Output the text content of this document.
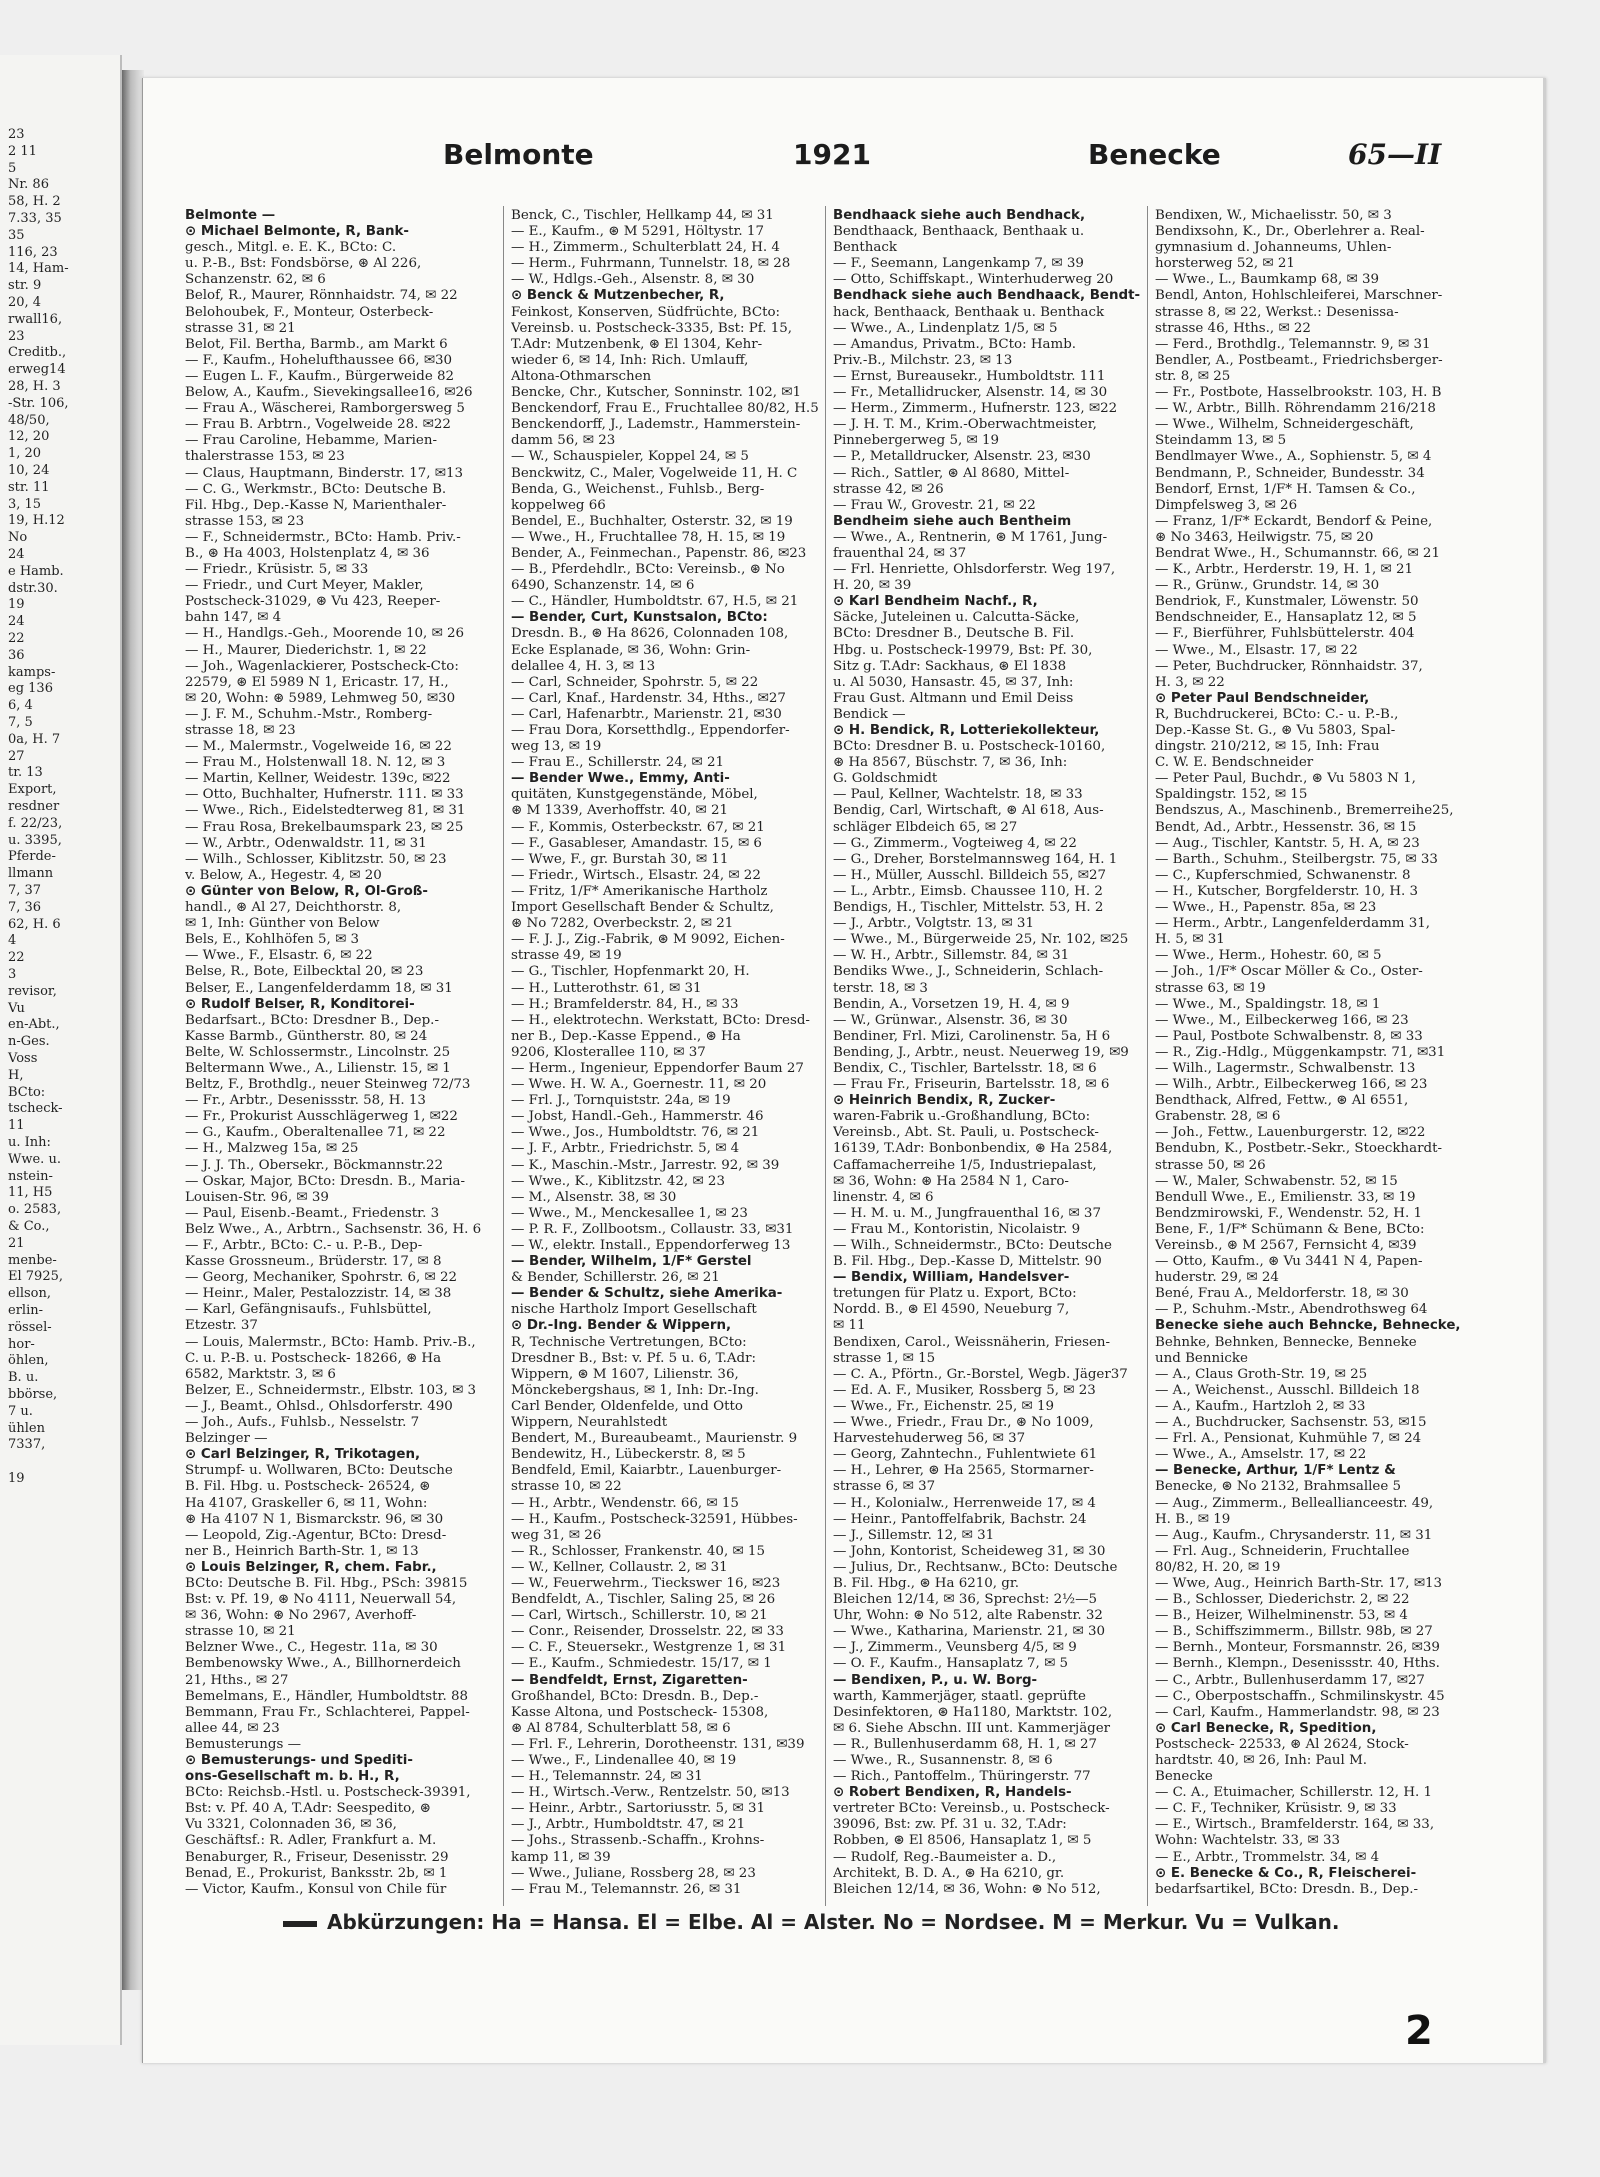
23
2 11
5
Nr. 86
58, H. 2
7.33, 35
35
116, 23
14, Ham-
str. 9
20, 4
rwall16,
23
Creditb.,
erweg14
28, H. 3
-Str. 106,
48/50,
12, 20
1, 20
10, 24
str. 11
3, 15
19, H.12
No
24
e Hamb.
dstr.30.
19
24
22
36
kamps-
eg 136
6, 4
7, 5
0a, H. 7
27
tr. 13
Export,
resdner
f. 22/23,
u. 3395,
Pferde-
llmann
7, 37
7, 36
62, H. 6
4
22
3
revisor,
Vu
en-Abt.,
n-Ges.
Voss
H,
BCto:
tscheck-
11
u. Inh:
Wwe. u.
nstein-
11, H5
o. 2583,
& Co.,
21
menbe-
El 7925,
ellson,
erlin-
rössel-
hor-
öhlen,
B. u.
bbörse,
7 u.
ühlen
7337,
19
Belmonte	1921	Benecke	65—II
Belmonte —
⊙ Michael Belmonte, R, Bank-
gesch., Mitgl. e. E. K., BCto: C.
u. P.-B., Bst: Fondsbörse, ⊛ Al 226,
Schanzenstr. 62, ✉ 6
Belof, R., Maurer, Rönnhaidstr. 74, ✉ 22
Belohoubek, F., Monteur, Osterbeck-
strasse 31, ✉ 21
Belot, Fil. Bertha, Barmb., am Markt 6
— F., Kaufm., Hohelufthaussee 66, ✉30
— Eugen L. F., Kaufm., Bürgerweide 82
Below, A., Kaufm., Sievekingsallee16, ✉26
— Frau A., Wäscherei, Ramborgersweg 5
— Frau B. Arbtrn., Vogelweide 28. ✉22
— Frau Caroline, Hebamme, Marien-
thalerstrasse 153, ✉ 23
— Claus, Hauptmann, Binderstr. 17, ✉13
— C. G., Werkmstr., BCto: Deutsche B.
Fil. Hbg., Dep.-Kasse N, Marienthaler-
strasse 153, ✉ 23
— F., Schneidermstr., BCto: Hamb. Priv.-
B., ⊛ Ha 4003, Holstenplatz 4, ✉ 36
— Friedr., Krüsistr. 5, ✉ 33
— Friedr., und Curt Meyer, Makler,
Postscheck-31029, ⊛ Vu 423, Reeper-
bahn 147, ✉ 4
— H., Handlgs.-Geh., Moorende 10, ✉ 26
— H., Maurer, Diederichstr. 1, ✉ 22
— Joh., Wagenlackierer, Postscheck-Cto:
22579, ⊛ El 5989 N 1, Ericastr. 17, H.,
✉ 20, Wohn: ⊛ 5989, Lehmweg 50, ✉30
— J. F. M., Schuhm.-Mstr., Romberg-
strasse 18, ✉ 23
— M., Malermstr., Vogelweide 16, ✉ 22
— Frau M., Holstenwall 18. N. 12, ✉ 3
— Martin, Kellner, Weidestr. 139c, ✉22
— Otto, Buchhalter, Hufnerstr. 111. ✉ 33
— Wwe., Rich., Eidelstedterweg 81, ✉ 31
— Frau Rosa, Brekelbaumspark 23, ✉ 25
— W., Arbtr., Odenwaldstr. 11, ✉ 31
— Wilh., Schlosser, Kiblitzstr. 50, ✉ 23
v. Below, A., Hegestr. 4, ✉ 20
⊙ Günter von Below, R, Öl-Groß-
handl., ⊛ Al 27, Deichthorstr. 8,
✉ 1, Inh: Günther von Below
Bels, E., Kohlhöfen 5, ✉ 3
— Wwe., F., Elsastr. 6, ✉ 22
Belse, R., Bote, Eilbecktal 20, ✉ 23
Belser, E., Langenfelderdamm 18, ✉ 31
⊙ Rudolf Belser, R, Konditorei-
Bedarfsart., BCto: Dresdner B., Dep.-
Kasse Barmb., Güntherstr. 80, ✉ 24
Belte, W. Schlossermstr., Lincolnstr. 25
Beltermann Wwe., A., Lilienstr. 15, ✉ 1
Beltz, F., Brothdlg., neuer Steinweg 72/73
— Fr., Arbtr., Desenissstr. 58, H. 13
— Fr., Prokurist Ausschlägerweg 1, ✉22
— G., Kaufm., Oberaltenallee 71, ✉ 22
— H., Malzweg 15a, ✉ 25
— J. J. Th., Obersekr., Böckmannstr.22
— Oskar, Major, BCto: Dresdn. B., Maria-
Louisen-Str. 96, ✉ 39
— Paul, Eisenb.-Beamt., Friedenstr. 3
Belz Wwe., A., Arbtrn., Sachsenstr. 36, H. 6
— F., Arbtr., BCto: C.- u. P.-B., Dep-
Kasse Grossneum., Brüderstr. 17, ✉ 8
— Georg, Mechaniker, Spohrstr. 6, ✉ 22
— Heinr., Maler, Pestalozzistr. 14, ✉ 38
— Karl, Gefängnisaufs., Fuhlsbüttel,
Etzestr. 37
— Louis, Malermstr., BCto: Hamb. Priv.-B.,
C. u. P.-B. u. Postscheck- 18266, ⊛ Ha
6582, Marktstr. 3, ✉ 6
Belzer, E., Schneidermstr., Elbstr. 103, ✉ 3
— J., Beamt., Ohlsd., Ohlsdorferstr. 490
— Joh., Aufs., Fuhlsb., Nesselstr. 7
Belzinger —
⊙ Carl Belzinger, R, Trikotagen,
Strumpf- u. Wollwaren, BCto: Deutsche
B. Fil. Hbg. u. Postscheck- 26524, ⊛
Ha 4107, Graskeller 6, ✉ 11, Wohn:
⊛ Ha 4107 N 1, Bismarckstr. 96, ✉ 30
— Leopold, Zig.-Agentur, BCto: Dresd-
ner B., Heinrich Barth-Str. 1, ✉ 13
⊙ Louis Belzinger, R, chem. Fabr.,
BCto: Deutsche B. Fil. Hbg., PSch: 39815
Bst: v. Pf. 19, ⊛ No 4111, Neuerwall 54,
✉ 36, Wohn: ⊛ No 2967, Averhoff-
strasse 10, ✉ 21
Belzner Wwe., C., Hegestr. 11a, ✉ 30
Bembenowsky Wwe., A., Billhornerdeich
21, Hths., ✉ 27
Bemelmans, E., Händler, Humboldtstr. 88
Bemmann, Frau Fr., Schlachterei, Pappel-
allee 44, ✉ 23
Bemusterungs —
⊙ Bemusterungs- und Spediti-
ons-Gesellschaft m. b. H., R,
BCto: Reichsb.-Hstl. u. Postscheck-39391,
Bst: v. Pf. 40 A, T.Adr: Seespedito, ⊛
Vu 3321, Colonnaden 36, ✉ 36,
Geschäftsf.: R. Adler, Frankfurt a. M.
Benaburger, R., Friseur, Desenisstr. 29
Benad, E., Prokurist, Banksstr. 2b, ✉ 1
— Victor, Kaufm., Konsul von Chile für
Benck, C., Tischler, Hellkamp 44, ✉ 31
— E., Kaufm., ⊛ M 5291, Höltystr. 17
— H., Zimmerm., Schulterblatt 24, H. 4
— Herm., Fuhrmann, Tunnelstr. 18, ✉ 28
— W., Hdlgs.-Geh., Alsenstr. 8, ✉ 30
⊙ Benck & Mutzenbecher, R,
Feinkost, Konserven, Südfrüchte, BCto:
Vereinsb. u. Postscheck-3335, Bst: Pf. 15,
T.Adr: Mutzenbenk, ⊛ El 1304, Kehr-
wieder 6, ✉ 14, Inh: Rich. Umlauff,
Altona-Othmarschen
Bencke, Chr., Kutscher, Sonninstr. 102, ✉1
Benckendorf, Frau E., Fruchtallee 80/82, H.5
Benckendorff, J., Lademstr., Hammerstein-
damm 56, ✉ 23
— W., Schauspieler, Koppel 24, ✉ 5
Benckwitz, C., Maler, Vogelweide 11, H. C
Benda, G., Weichenst., Fuhlsb., Berg-
koppelweg 66
Bendel, E., Buchhalter, Osterstr. 32, ✉ 19
— Wwe., H., Fruchtallee 78, H. 15, ✉ 19
Bender, A., Feinmechan., Papenstr. 86, ✉23
— B., Pferdehdlr., BCto: Vereinsb., ⊛ No
6490, Schanzenstr. 14, ✉ 6
— C., Händler, Humboldtstr. 67, H.5, ✉ 21
— Bender, Curt, Kunstsalon, BCto:
Dresdn. B., ⊛ Ha 8626, Colonnaden 108,
Ecke Esplanade, ✉ 36, Wohn: Grin-
delallee 4, H. 3, ✉ 13
— Carl, Schneider, Spohrstr. 5, ✉ 22
— Carl, Knaf., Hardenstr. 34, Hths., ✉27
— Carl, Hafenarbtr., Marienstr. 21, ✉30
— Frau Dora, Korsetthdlg., Eppendorfer-
weg 13, ✉ 19
— Frau E., Schillerstr. 24, ✉ 21
— Bender Wwe., Emmy, Anti-
quitäten, Kunstgegenstände, Möbel,
⊛ M 1339, Averhoffstr. 40, ✉ 21
— F., Kommis, Osterbeckstr. 67, ✉ 21
— F., Gasableser, Amandastr. 15, ✉ 6
— Wwe, F., gr. Burstah 30, ✉ 11
— Friedr., Wirtsch., Elsastr. 24, ✉ 22
— Fritz, 1/F* Amerikanische Hartholz
Import Gesellschaft Bender & Schultz,
⊛ No 7282, Overbeckstr. 2, ✉ 21
— F. J. J., Zig.-Fabrik, ⊛ M 9092, Eichen-
strasse 49, ✉ 19
— G., Tischler, Hopfenmarkt 20, H.
— H., Lutterothstr. 61, ✉ 31
— H.; Bramfelderstr. 84, H., ✉ 33
— H., elektrotechn. Werkstatt, BCto: Dresd-
ner B., Dep.-Kasse Eppend., ⊛ Ha
9206, Klosterallee 110, ✉ 37
— Herm., Ingenieur, Eppendorfer Baum 27
— Wwe. H. W. A., Goernestr. 11, ✉ 20
— Frl. J., Tornquiststr. 24a, ✉ 19
— Jobst, Handl.-Geh., Hammerstr. 46
— Wwe., Jos., Humboldtstr. 76, ✉ 21
— J. F., Arbtr., Friedrichstr. 5, ✉ 4
— K., Maschin.-Mstr., Jarrestr. 92, ✉ 39
— Wwe., K., Kiblitzstr. 42, ✉ 23
— M., Alsenstr. 38, ✉ 30
— Wwe., M., Menckesallee 1, ✉ 23
— P. R. F., Zollbootsm., Collaustr. 33, ✉31
— W., elektr. Install., Eppendorferweg 13
— Bender, Wilhelm, 1/F* Gerstel
& Bender, Schillerstr. 26, ✉ 21
— Bender & Schultz, siehe Amerika-
nische Hartholz Import Gesellschaft
⊙ Dr.-Ing. Bender & Wippern,
R, Technische Vertretungen, BCto:
Dresdner B., Bst: v. Pf. 5 u. 6, T.Adr:
Wippern, ⊛ M 1607, Lilienstr. 36,
Mönckebergshaus, ✉ 1, Inh: Dr.-Ing.
Carl Bender, Oldenfelde, und Otto
Wippern, Neurahlstedt
Bendert, M., Bureaubeamt., Maurienstr. 9
Bendewitz, H., Lübeckerstr. 8, ✉ 5
Bendfeld, Emil, Kaiarbtr., Lauenburger-
strasse 10, ✉ 22
— H., Arbtr., Wendenstr. 66, ✉ 15
— H., Kaufm., Postscheck-32591, Hübbes-
weg 31, ✉ 26
— R., Schlosser, Frankenstr. 40, ✉ 15
— W., Kellner, Collaustr. 2, ✉ 31
— W., Feuerwehrm., Tieckswег 16, ✉23
Bendfeldt, A., Tischler, Saling 25, ✉ 26
— Carl, Wirtsch., Schillerstr. 10, ✉ 21
— Conr., Reisender, Drosselstr. 22, ✉ 33
— C. F., Steuersekr., Westgrenze 1, ✉ 31
— E., Kaufm., Schmiedestr. 15/17, ✉ 1
— Bendfeldt, Ernst, Zigaretten-
Großhandel, BCto: Dresdn. B., Dep.-
Kasse Altona, und Postscheck- 15308,
⊛ Al 8784, Schulterblatt 58, ✉ 6
— Frl. F., Lehrerin, Dorotheenstr. 131, ✉39
— Wwe., F., Lindenallee 40, ✉ 19
— H., Telemannstr. 24, ✉ 31
— H., Wirtsch.-Verw., Rentzelstr. 50, ✉13
— Heinr., Arbtr., Sartoriusstr. 5, ✉ 31
— J., Arbtr., Humboldtstr. 47, ✉ 21
— Johs., Strassenb.-Schaffn., Krohns-
kamp 11, ✉ 39
— Wwe., Juliane, Rossberg 28, ✉ 23
— Frau M., Telemannstr. 26, ✉ 31
Bendhaack siehe auch Bendhack,
Bendthaack, Benthaack, Benthaak u.
Benthack
— F., Seemann, Langenkamp 7, ✉ 39
— Otto, Schiffskapt., Winterhuderweg 20
Bendhack siehe auch Bendhaack, Bendt-
hack, Benthaack, Benthaak u. Benthack
— Wwe., A., Lindenplatz 1/5, ✉ 5
— Amandus, Privatm., BCto: Hamb.
Priv.-B., Milchstr. 23, ✉ 13
— Ernst, Bureausekr., Humboldtstr. 111
— Fr., Metallidrucker, Alsenstr. 14, ✉ 30
— Herm., Zimmerm., Hufnerstr. 123, ✉22
— J. H. T. M., Krim.-Oberwachtmeister,
Pinnebergerweg 5, ✉ 19
— P., Metalldrucker, Alsenstr. 23, ✉30
— Rich., Sattler, ⊛ Al 8680, Mittel-
strasse 42, ✉ 26
— Frau W., Grovestr. 21, ✉ 22
Bendheim siehe auch Bentheim
— Wwe., A., Rentnerin, ⊛ M 1761, Jung-
frauenthal 24, ✉ 37
— Frl. Henriette, Ohlsdorferstr. Weg 197,
H. 20, ✉ 39
⊙ Karl Bendheim Nachf., R,
Säcke, Juteleinen u. Calcutta-Säcke,
BCto: Dresdner B., Deutsche B. Fil.
Hbg. u. Postscheck-19979, Bst: Pf. 30,
Sitz g. T.Adr: Sackhaus, ⊛ El 1838
u. Al 5030, Hansastr. 45, ✉ 37, Inh:
Frau Gust. Altmann und Emil Deiss
Bendick —
⊙ H. Bendick, R, Lotteriekollekteur,
BCto: Dresdner B. u. Postscheck-10160,
⊛ Ha 8567, Büschstr. 7, ✉ 36, Inh:
G. Goldschmidt
— Paul, Kellner, Wachtelstr. 18, ✉ 33
Bendig, Carl, Wirtschaft, ⊛ Al 618, Aus-
schläger Elbdeich 65, ✉ 27
— G., Zimmerm., Vogteiweg 4, ✉ 22
— G., Dreher, Borstelmannsweg 164, H. 1
— H., Müller, Ausschl. Billdeich 55, ✉27
— L., Arbtr., Eimsb. Chaussee 110, H. 2
Bendigs, H., Tischler, Mittelstr. 53, H. 2
— J., Arbtr., Volgtstr. 13, ✉ 31
— Wwe., M., Bürgerweide 25, Nr. 102, ✉25
— W. H., Arbtr., Sillemstr. 84, ✉ 31
Bendiks Wwe., J., Schneiderin, Schlach-
terstr. 18, ✉ 3
Bendin, A., Vorsetzen 19, H. 4, ✉ 9
— W., Grünwar., Alsenstr. 36, ✉ 30
Bendiner, Frl. Mizi, Carolinenstr. 5a, H 6
Bending, J., Arbtr., neust. Neuerweg 19, ✉9
Bendix, C., Tischler, Bartelsstr. 18, ✉ 6
— Frau Fr., Friseurin, Bartelsstr. 18, ✉ 6
⊙ Heinrich Bendix, R, Zucker-
waren-Fabrik u.-Großhandlung, BCto:
Vereinsb., Abt. St. Pauli, u. Postscheck-
16139, T.Adr: Bonbonbendix, ⊛ Ha 2584,
Caffamacherreihe 1/5, Industriepalast,
✉ 36, Wohn: ⊛ Ha 2584 N 1, Caro-
linenstr. 4, ✉ 6
— H. M. u. M., Jungfrauenthal 16, ✉ 37
— Frau M., Kontoristin, Nicolaistr. 9
— Wilh., Schneidermstr., BCto: Deutsche
B. Fil. Hbg., Dep.-Kasse D, Mittelstr. 90
— Bendix, William, Handelsver-
tretungen für Platz u. Export, BCto:
Nordd. B., ⊛ El 4590, Neueburg 7,
✉ 11
Bendixen, Carol., Weissnäherin, Friesen-
strasse 1, ✉ 15
— C. A., Pförtn., Gr.-Borstel, Wegb. Jäger37
— Ed. A. F., Musiker, Rossberg 5, ✉ 23
— Wwe., Fr., Eichenstr. 25, ✉ 19
— Wwe., Friedr., Frau Dr., ⊛ No 1009,
Harvestehuderweg 56, ✉ 37
— Georg, Zahntechn., Fuhlentwiete 61
— H., Lehrer, ⊛ Ha 2565, Stormarner-
strasse 6, ✉ 37
— H., Kolonialw., Herrenweide 17, ✉ 4
— Heinr., Pantoffelfabrik, Bachstr. 24
— J., Sillemstr. 12, ✉ 31
— John, Kontorist, Scheideweg 31, ✉ 30
— Julius, Dr., Rechtsanw., BCto: Deutsche
B. Fil. Hbg., ⊛ Ha 6210, gr.
Bleichen 12/14, ✉ 36, Sprechst: 2½—5
Uhr, Wohn: ⊛ No 512, alte Rabenstr. 32
— Wwe., Katharina, Marienstr. 21, ✉ 30
— J., Zimmerm., Veunsberg 4/5, ✉ 9
— O. F., Kaufm., Hansaplatz 7, ✉ 5
— Bendixen, P., u. W. Borg-
warth, Kammerjäger, staatl. geprüfte
Desinfektoren, ⊛ Ha1180, Marktstr. 102,
✉ 6. Siehe Abschn. III unt. Kammerjäger
— R., Bullenhuserdamm 68, H. 1, ✉ 27
— Wwe., R., Susannenstr. 8, ✉ 6
— Rich., Pantoffelm., Thüringerstr. 77
⊙ Robert Bendixen, R, Handels-
vertreter BCto: Vereinsb., u. Postscheck-
39096, Bst: zw. Pf. 31 u. 32, T.Adr:
Robben, ⊛ El 8506, Hansaplatz 1, ✉ 5
— Rudolf, Reg.-Baumeister a. D.,
Architekt, B. D. A., ⊛ Ha 6210, gr.
Bleichen 12/14, ✉ 36, Wohn: ⊛ No 512,
Bendixen, W., Michaelisstr. 50, ✉ 3
Bendixsohn, K., Dr., Oberlehrer a. Real-
gymnasium d. Johanneums, Uhlen-
horsterweg 52, ✉ 21
— Wwe., L., Baumkamp 68, ✉ 39
Bendl, Anton, Hohlschleiferei, Marschner-
strasse 8, ✉ 22, Werkst.: Desenissa-
strasse 46, Hths., ✉ 22
— Ferd., Brothdlg., Telemannstr. 9, ✉ 31
Bendler, A., Postbeamt., Friedrichsberger-
str. 8, ✉ 25
— Fr., Postbote, Hasselbrookstr. 103, H. B
— W., Arbtr., Billh. Röhrendamm 216/218
— Wwe., Wilhelm, Schneidergeschäft,
Steindamm 13, ✉ 5
Bendlmayer Wwe., A., Sophienstr. 5, ✉ 4
Bendmann, P., Schneider, Bundesstr. 34
Bendorf, Ernst, 1/F* H. Tamsen & Co.,
Dimpfelsweg 3, ✉ 26
— Franz, 1/F* Eckardt, Bendorf & Peine,
⊛ No 3463, Heilwigstr. 75, ✉ 20
Bendrat Wwe., H., Schumannstr. 66, ✉ 21
— K., Arbtr., Herderstr. 19, H. 1, ✉ 21
— R., Grünw., Grundstr. 14, ✉ 30
Bendriok, F., Kunstmaler, Löwenstr. 50
Bendschneider, E., Hansaplatz 12, ✉ 5
— F., Bierführer, Fuhlsbüttelerstr. 404
— Wwe., M., Elsastr. 17, ✉ 22
— Peter, Buchdrucker, Rönnhaidstr. 37,
H. 3, ✉ 22
⊙ Peter Paul Bendschneider,
R, Buchdruckerei, BCto: C.- u. P.-B.,
Dep.-Kasse St. G., ⊛ Vu 5803, Spal-
dingstr. 210/212, ✉ 15, Inh: Frau
C. W. E. Bendschneider
— Peter Paul, Buchdr., ⊛ Vu 5803 N 1,
Spaldingstr. 152, ✉ 15
Bendszus, A., Maschinenb., Bremerreihe25,
Bendt, Ad., Arbtr., Hessenstr. 36, ✉ 15
— Aug., Tischler, Kantstr. 5, H. A, ✉ 23
— Barth., Schuhm., Steilbergstr. 75, ✉ 33
— C., Kupferschmied, Schwanenstr. 8
— H., Kutscher, Borgfelderstr. 10, H. 3
— Wwe., H., Papenstr. 85a, ✉ 23
— Herm., Arbtr., Langenfelderdamm 31,
H. 5, ✉ 31
— Wwe., Herm., Hohestr. 60, ✉ 5
— Joh., 1/F* Oscar Möller & Co., Oster-
strasse 63, ✉ 19
— Wwe., M., Spaldingstr. 18, ✉ 1
— Wwe., M., Eilbeckerweg 166, ✉ 23
— Paul, Postbote Schwalbenstr. 8, ✉ 33
— R., Zig.-Hdlg., Müggenkampstr. 71, ✉31
— Wilh., Lagermstr., Schwalbenstr. 13
— Wilh., Arbtr., Eilbeckerweg 166, ✉ 23
Bendthack, Alfred, Fettw., ⊛ Al 6551,
Grabenstr. 28, ✉ 6
— Joh., Fettw., Lauenburgerstr. 12, ✉22
Bendubn, K., Postbetr.-Sekr., Stoeckhardt-
strasse 50, ✉ 26
— W., Maler, Schwabenstr. 52, ✉ 15
Bendull Wwe., E., Emilienstr. 33, ✉ 19
Bendzmirowski, F., Wendenstr. 52, H. 1
Bene, F., 1/F* Schümann & Bene, BCto:
Vereinsb., ⊛ M 2567, Fernsicht 4, ✉39
— Otto, Kaufm., ⊛ Vu 3441 N 4, Papen-
huderstr. 29, ✉ 24
Bené, Frau A., Meldorferstr. 18, ✉ 30
— P., Schuhm.-Mstr., Abendrothsweg 64
Benecke siehe auch Behncke, Behnecke,
Behnke, Behnken, Bennecke, Benneke
und Bennicke
— A., Claus Groth-Str. 19, ✉ 25
— A., Weichenst., Ausschl. Billdeich 18
— A., Kaufm., Hartzloh 2, ✉ 33
— A., Buchdrucker, Sachsenstr. 53, ✉15
— Frl. A., Pensionat, Kuhmühle 7, ✉ 24
— Wwe., A., Amselstr. 17, ✉ 22
— Benecke, Arthur, 1/F* Lentz &
Benecke, ⊛ No 2132, Brahmsallee 5
— Aug., Zimmerm., Belleallianceestr. 49,
H. B., ✉ 19
— Aug., Kaufm., Chrysanderstr. 11, ✉ 31
— Frl. Aug., Schneiderin, Fruchtallee
80/82, H. 20, ✉ 19
— Wwe, Aug., Heinrich Barth-Str. 17, ✉13
— B., Schlosser, Diederichstr. 2, ✉ 22
— B., Heizer, Wilhelminenstr. 53, ✉ 4
— B., Schiffszimmerm., Billstr. 98b, ✉ 27
— Bernh., Monteur, Forsmannstr. 26, ✉39
— Bernh., Klempn., Desenissstr. 40, Hths.
— C., Arbtr., Bullenhuserdamm 17, ✉27
— C., Oberpostschaffn., Schmilinskystr. 45
— Carl, Kaufm., Hammerlandstr. 98, ✉ 23
⊙ Carl Benecke, R, Spedition,
Postscheck- 22533, ⊛ Al 2624, Stock-
hardtstr. 40, ✉ 26, Inh: Paul M.
Benecke
— C. A., Etuimacher, Schillerstr. 12, H. 1
— C. F., Techniker, Krüsistr. 9, ✉ 33
— E., Wirtsch., Bramfelderstr. 164, ✉ 33,
Wohn: Wachtelstr. 33, ✉ 33
— E., Arbtr., Trommelstr. 34, ✉ 4
⊙ E. Benecke & Co., R, Fleischerei-
bedarfsartikel, BCto: Dresdn. B., Dep.-
Abkürzungen: Ha = Hansa. El = Elbe. Al = Alster. No = Nordsee. M = Merkur. Vu = Vulkan.
2
